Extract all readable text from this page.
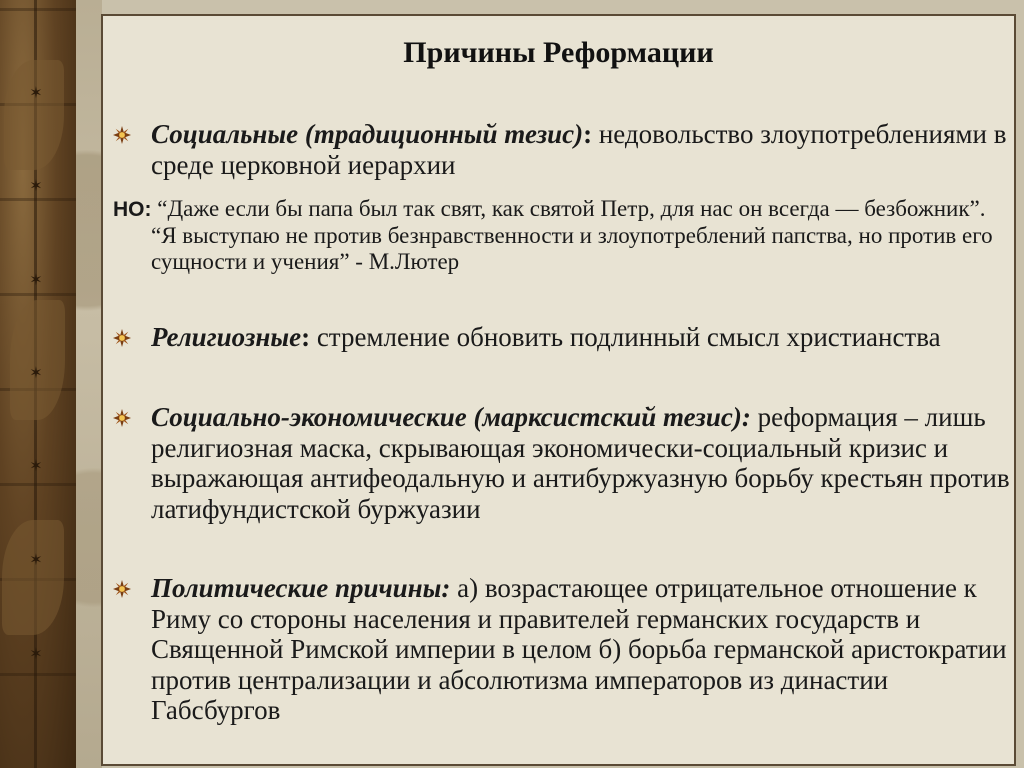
✶
✶
✶
✶
✶
✶
✶
Причины Реформации
Социальные (традиционный тезис): недовольство злоупотреблениями в среде церковной иерархии
НО: “Даже если бы папа был так свят, как святой Петр, для нас он всегда — безбожник”. “Я выступаю не против безнравственности и злоупотреблений папства, но против его сущности и учения” - М.Лютер
Религиозные: стремление обновить подлинный смысл христианства
Социально-экономические (марксистский тезис): реформация – лишь религиозная маска, скрывающая экономически-социальный кризис и выражающая антифеодальную и антибуржуазную борьбу крестьян против латифундистской буржуазии
Политические причины: а) возрастающее отрицательное отношение к Риму со стороны населения и правителей германских государств и Священной Римской империи в целом б) борьба германской аристократии против централизации и абсолютизма императоров из династии Габсбургов
